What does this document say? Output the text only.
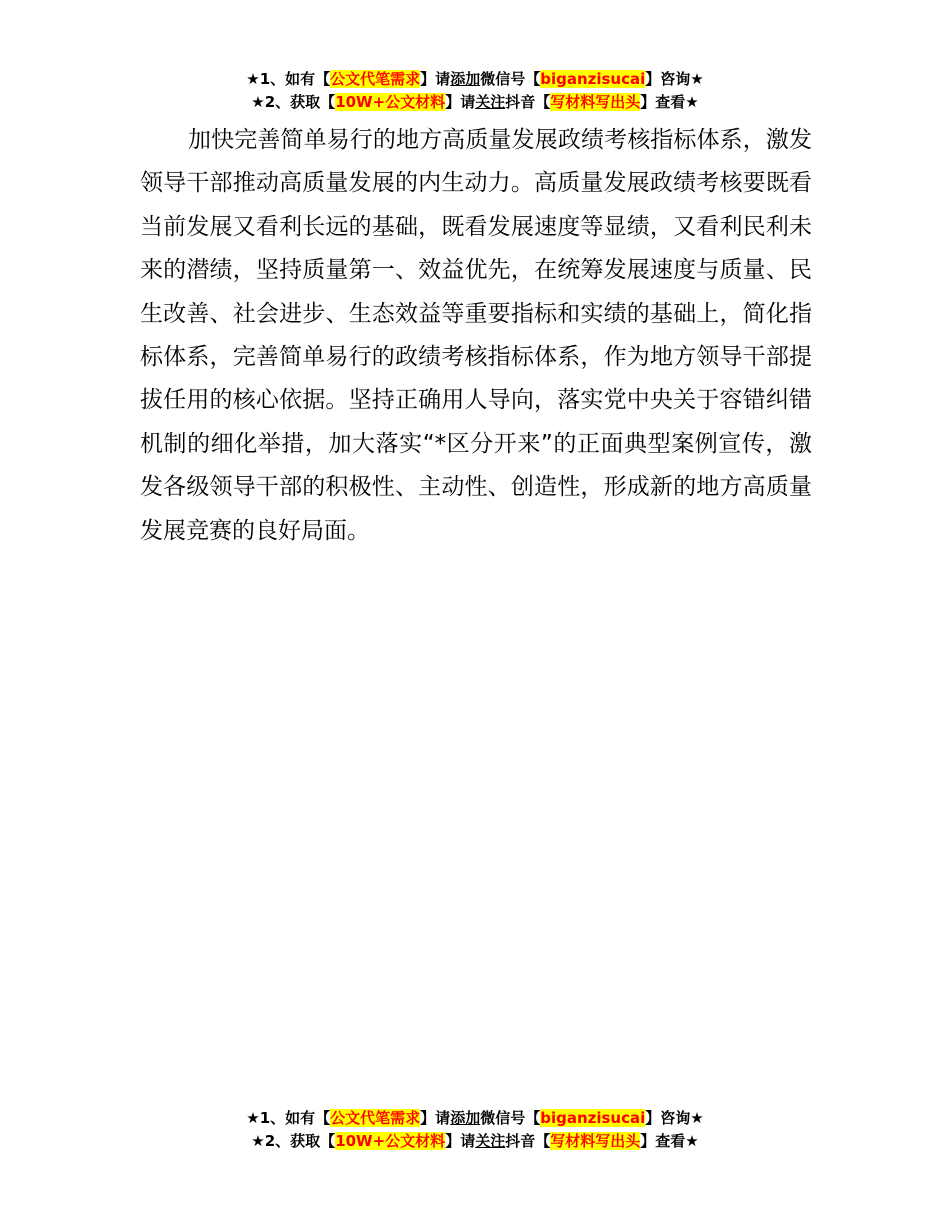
★1、如有【公文代笔需求】请添加微信号【biganzisucai】咨询★
★2、获取【10W+公文材料】请关注抖音【写材料写出头】查看★

加快完善简单易行的地方高质量发展政绩考核指标体系，激发领导干部推动高质量发展的内生动力。高质量发展政绩考核要既看当前发展又看利长远的基础，既看发展速度等显绩，又看利民利未来的潜绩，坚持质量第一、效益优先，在统筹发展速度与质量、民生改善、社会进步、生态效益等重要指标和实绩的基础上，简化指标体系，完善简单易行的政绩考核指标体系，作为地方领导干部提拔任用的核心依据。坚持正确用人导向，落实党中央关于容错纠错机制的细化举措，加大落实“*区分开来”的正面典型案例宣传，激发各级领导干部的积极性、主动性、创造性，形成新的地方高质量发展竞赛的良好局面。

★1、如有【公文代笔需求】请添加微信号【biganzisucai】咨询★
★2、获取【10W+公文材料】请关注抖音【写材料写出头】查看★
